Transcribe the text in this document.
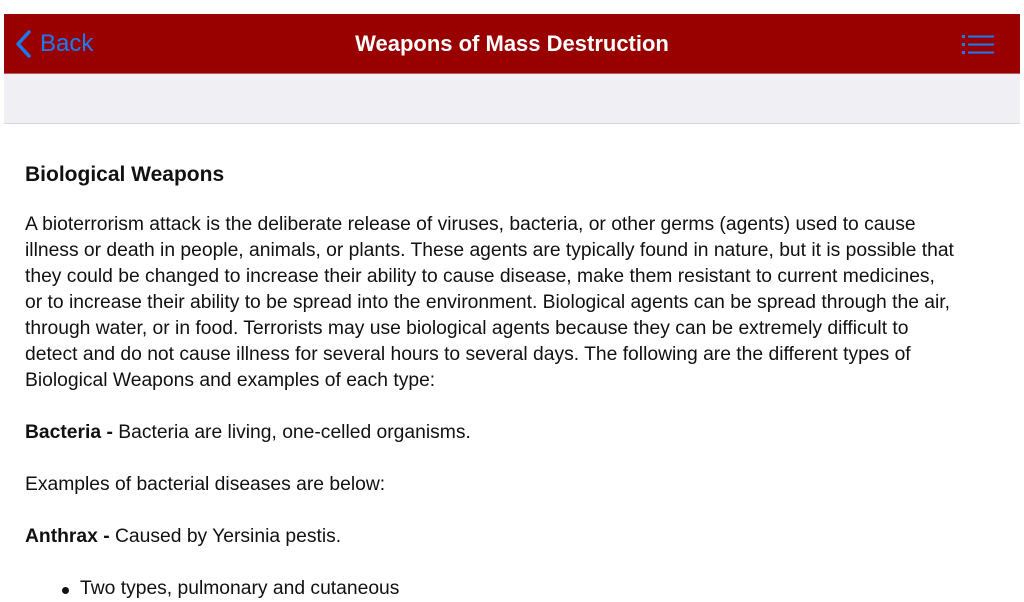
Back	Weapons of Mass Destruction
Biological Weapons

A bioterrorism attack is the deliberate release of viruses, bacteria, or other germs (agents) used to cause
illness or death in people, animals, or plants. These agents are typically found in nature, but it is possible that
they could be changed to increase their ability to cause disease, make them resistant to current medicines,
or to increase their ability to be spread into the environment. Biological agents can be spread through the air,
through water, or in food. Terrorists may use biological agents because they can be extremely difficult to
detect and do not cause illness for several hours to several days. The following are the different types of
Biological Weapons and examples of each type:

Bacteria - Bacteria are living, one-celled organisms.

Examples of bacterial diseases are below:

Anthrax - Caused by Yersinia pestis.

Two types, pulmonary and cutaneous
